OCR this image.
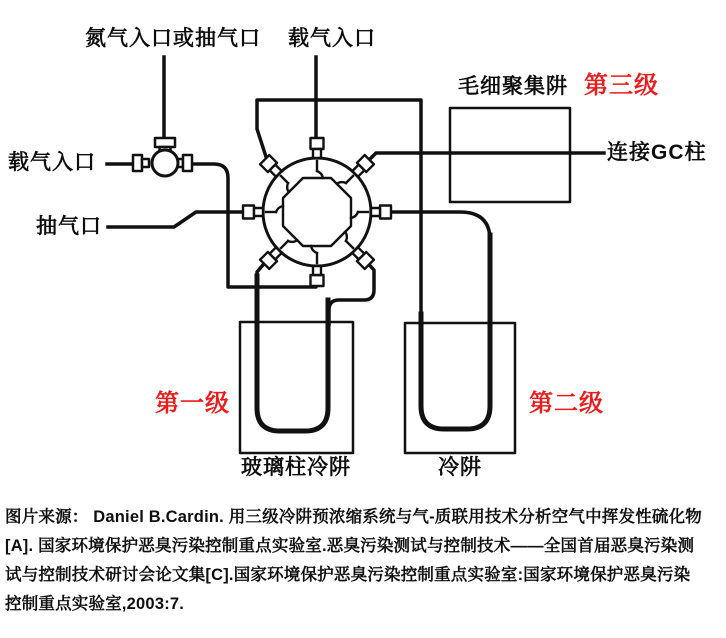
氮气入口或抽气口 载气入口
毛细聚集阱
连接GC柱
载气入口
抽气口
玻璃柱冷阱	冷阱
第一级	第二级
第三级
图片来源： Daniel B.Cardin. 用三级冷阱预浓缩系统与气-质联用技术分析空气中挥发性硫化物
[A]. 国家环境保护恶臭污染控制重点实验室.恶臭污染测试与控制技术——全国首届恶臭污染测
试与控制技术研讨会论文集[C].国家环境保护恶臭污染控制重点实验室:国家环境保护恶臭污染
控制重点实验室,2003:7.
